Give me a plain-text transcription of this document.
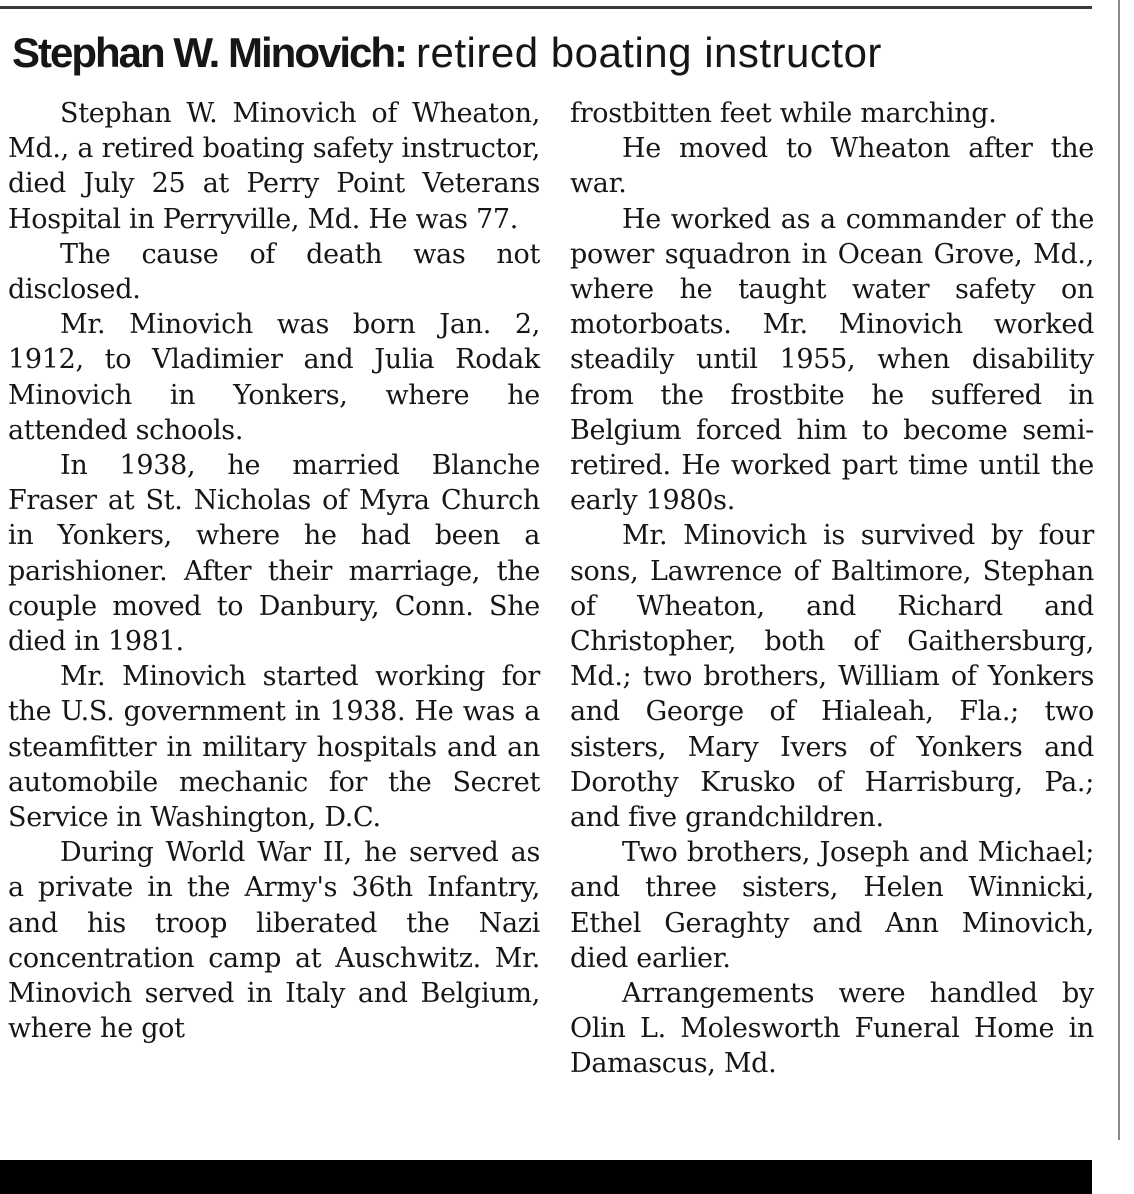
Stephan W. Minovich: retired boating instructor

Stephan W. Minovich of Wheaton, Md., a retired boating safety instructor, died July 25 at Perry Point Veterans Hospital in Perryville, Md. He was 77.

The cause of death was not disclosed.

Mr. Minovich was born Jan. 2, 1912, to Vladimier and Julia Rodak Minovich in Yonkers, where he attended schools.

In 1938, he married Blanche Fraser at St. Nicholas of Myra Church in Yonkers, where he had been a parishioner. After their marriage, the couple moved to Danbury, Conn. She died in 1981.

Mr. Minovich started working for the U.S. government in 1938. He was a steamfitter in military hospitals and an automobile mechanic for the Secret Service in Washington, D.C.

During World War II, he served as a private in the Army's 36th Infantry, and his troop liberated the Nazi concentration camp at Auschwitz. Mr. Minovich served in Italy and Belgium, where he got

frostbitten feet while marching.

He moved to Wheaton after the war.

He worked as a commander of the power squadron in Ocean Grove, Md., where he taught water safety on motorboats. Mr. Minovich worked steadily until 1955, when disability from the frostbite he suffered in Belgium forced him to become semi-retired. He worked part time until the early 1980s.

Mr. Minovich is survived by four sons, Lawrence of Baltimore, Stephan of Wheaton, and Richard and Christopher, both of Gaithersburg, Md.; two brothers, William of Yonkers and George of Hialeah, Fla.; two sisters, Mary Ivers of Yonkers and Dorothy Krusko of Harrisburg, Pa.; and five grandchildren.

Two brothers, Joseph and Michael; and three sisters, Helen Winnicki, Ethel Geraghty and Ann Minovich, died earlier.

Arrangements were handled by Olin L. Molesworth Funeral Home in Damascus, Md.
